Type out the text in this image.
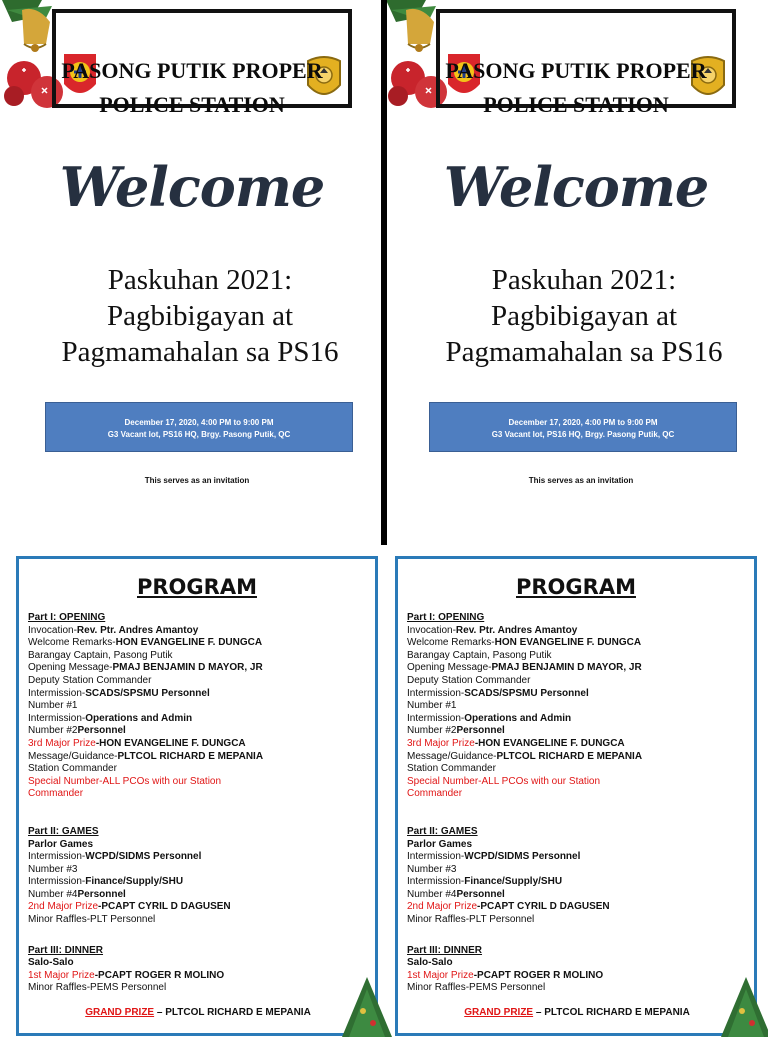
PASONG PUTIK PROPER

POLICE STATION

Welcome
Paskuhan 2021:
Pagbibigayan at
Pagmamahalan sa PS16
December 17, 2020, 4:00 PM to 9:00 PM
G3 Vacant lot, PS16 HQ, Brgy. Pasong Putik, QC
This serves as an invitation

PASONG PUTIK PROPER

POLICE STATION

Welcome
Paskuhan 2021:
Pagbibigayan at
Pagmamahalan sa PS16
December 17, 2020, 4:00 PM to 9:00 PM
G3 Vacant lot, PS16 HQ, Brgy. Pasong Putik, QC
This serves as an invitation
PROGRAM
Part I: OPENING
Invocation-Rev. Ptr. Andres Amantoy
Welcome Remarks-HON EVANGELINE F. DUNGCA
Barangay Captain, Pasong Putik
Opening Message-PMAJ BENJAMIN D MAYOR, JR
Deputy Station Commander
Intermission-SCADS/SPSMU Personnel
Number #1
Intermission-Operations and Admin
Number #2Personnel
3rd Major Prize-HON EVANGELINE F. DUNGCA
Message/Guidance-PLTCOL RICHARD E MEPANIA
Station Commander
Special Number-ALL PCOs with our Station
Commander
Part II: GAMES
Parlor Games
Intermission-WCPD/SIDMS Personnel
Number #3
Intermission-Finance/Supply/SHU
Number #4Personnel
2nd Major Prize-PCAPT CYRIL D DAGUSEN
Minor Raffles-PLT Personnel
Part III: DINNER
Salo-Salo
1st Major Prize-PCAPT ROGER R MOLINO
Minor Raffles-PEMS Personnel
GRAND PRIZE – PLTCOL RICHARD E MEPANIA
PROGRAM
Part I: OPENING
Invocation-Rev. Ptr. Andres Amantoy
Welcome Remarks-HON EVANGELINE F. DUNGCA
Barangay Captain, Pasong Putik
Opening Message-PMAJ BENJAMIN D MAYOR, JR
Deputy Station Commander
Intermission-SCADS/SPSMU Personnel
Number #1
Intermission-Operations and Admin
Number #2Personnel
3rd Major Prize-HON EVANGELINE F. DUNGCA
Message/Guidance-PLTCOL RICHARD E MEPANIA
Station Commander
Special Number-ALL PCOs with our Station
Commander
Part II: GAMES
Parlor Games
Intermission-WCPD/SIDMS Personnel
Number #3
Intermission-Finance/Supply/SHU
Number #4Personnel
2nd Major Prize-PCAPT CYRIL D DAGUSEN
Minor Raffles-PLT Personnel
Part III: DINNER
Salo-Salo
1st Major Prize-PCAPT ROGER R MOLINO
Minor Raffles-PEMS Personnel
GRAND PRIZE – PLTCOL RICHARD E MEPANIA
